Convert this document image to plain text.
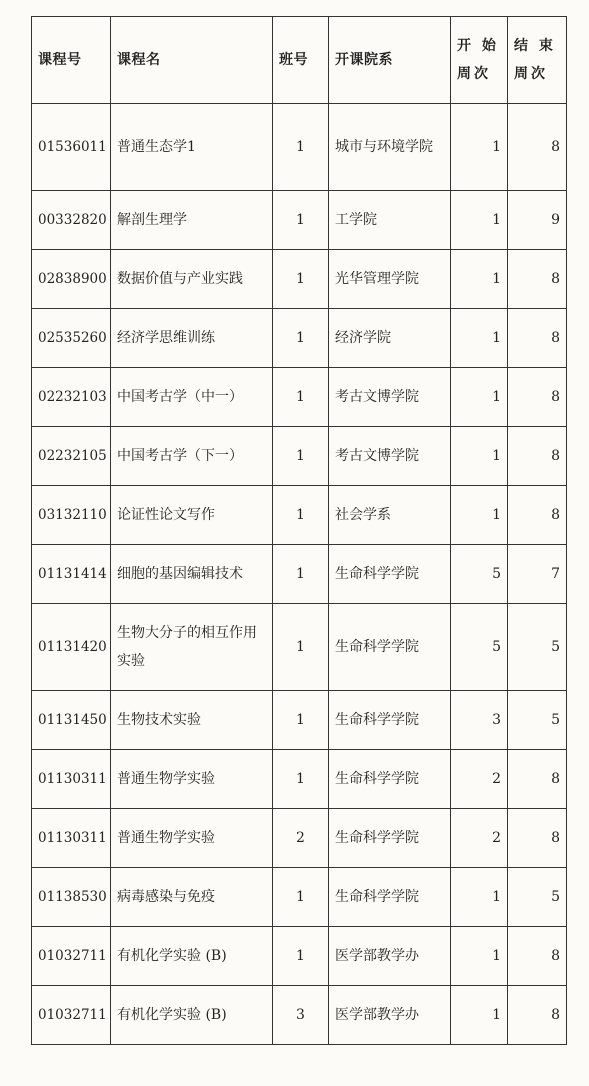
课程号	课程名	班号	开课院系	开 始 周次	结 束 周次
01536011	普通生态学1	1	城市与环境学院	1	8
00332820	解剖生理学	1	工学院	1	9
02838900	数据价值与产业实践	1	光华管理学院	1	8
02535260	经济学思维训练	1	经济学院	1	8
02232103	中国考古学（中一）	1	考古文博学院	1	8
02232105	中国考古学（下一）	1	考古文博学院	1	8
03132110	论证性论文写作	1	社会学系	1	8
01131414	细胞的基因编辑技术	1	生命科学学院	5	7
01131420	生物大分子的相互作用实验	1	生命科学学院	5	5
01131450	生物技术实验	1	生命科学学院	3	5
01130311	普通生物学实验	1	生命科学学院	2	8
01130311	普通生物学实验	2	生命科学学院	2	8
01138530	病毒感染与免疫	1	生命科学学院	1	5
01032711	有机化学实验 (B)	1	医学部教学办	1	8
01032711	有机化学实验 (B)	3	医学部教学办	1	8
